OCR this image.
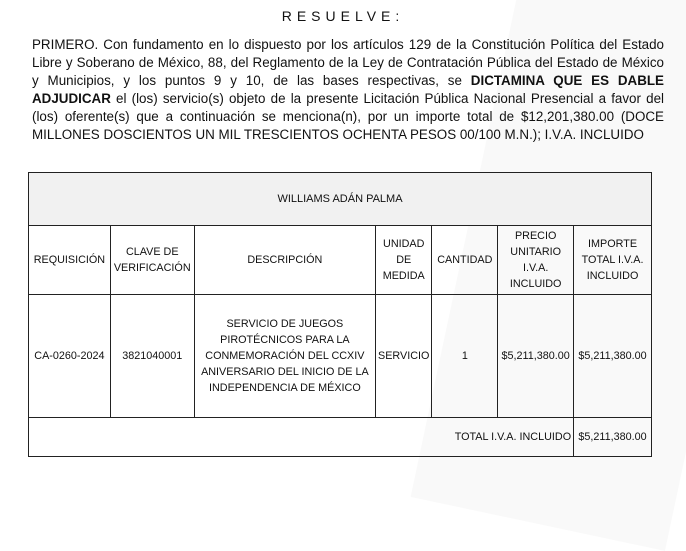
RESUELVE:
PRIMERO. Con fundamento en lo dispuesto por los artículos 129 de la Constitución Política del Estado Libre y Soberano de México, 88, del Reglamento de la Ley de Contratación Pública del Estado de México y Municipios, y los puntos 9 y 10, de las bases respectivas, se DICTAMINA QUE ES DABLE ADJUDICAR el (los) servicio(s) objeto de la presente Licitación Pública Nacional Presencial a favor del (los) oferente(s) que a continuación se menciona(n), por un importe total de $12,201,380.00 (DOCE MILLONES DOSCIENTOS UN MIL TRESCIENTOS OCHENTA PESOS 00/100 M.N.); I.V.A. INCLUIDO
WILLIAMS ADÁN PALMA						
REQUISICIÓN	CLAVE DE VERIFICACIÓN	DESCRIPCIÓN	UNIDAD DE MEDIDA	CANTIDAD	PRECIO UNITARIO I.V.A. INCLUIDO	IMPORTE TOTAL I.V.A. INCLUIDO
CA-0260-2024	3821040001	SERVICIO DE JUEGOS PIROTÉCNICOS PARA LA CONMEMORACIÓN DEL CCXIV ANIVERSARIO DEL INICIO DE LA INDEPENDENCIA DE MÉXICO	SERVICIO	1	$5,211,380.00	$5,211,380.00
TOTAL I.V.A. INCLUIDO						$5,211,380.00
